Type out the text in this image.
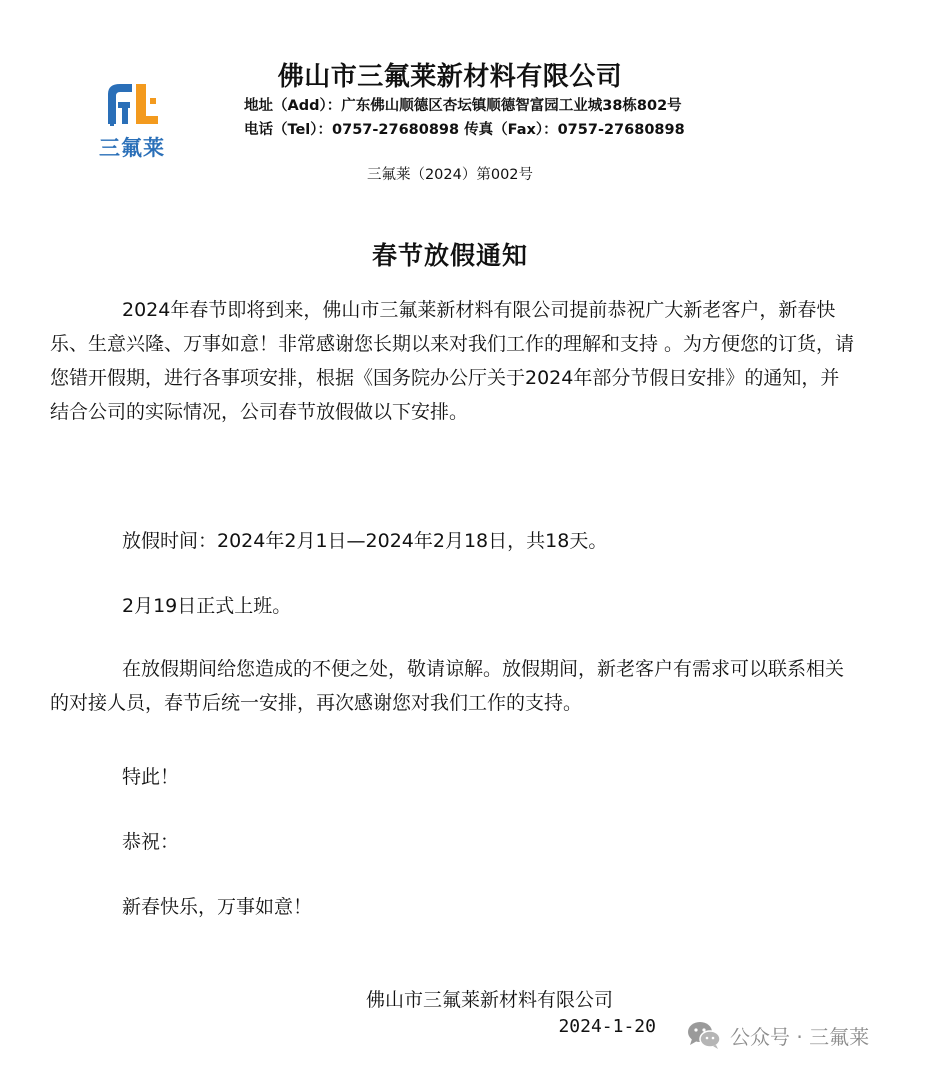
三氟莱
佛山市三氟莱新材料有限公司
地址（Add）：广东佛山顺德区杏坛镇顺德智富园工业城38栋802号
电话（Tel）：0757-27680898 传真（Fax）：0757-27680898
三氟莱（2024）第002号
春节放假通知

2024年春节即将到来，佛山市三氟莱新材料有限公司提前恭祝广大新老客户，新春快乐、生意兴隆、万事如意！非常感谢您长期以来对我们工作的理解和支持 。为方便您的订货，请您错开假期，进行各事项安排，根据《国务院办公厅关于2024年部分节假日安排》的通知，并结合公司的实际情况，公司春节放假做以下安排。

放假时间：2024年2月1日—2024年2月18日，共18天。

2月19日正式上班。

在放假期间给您造成的不便之处，敬请谅解。放假期间，新老客户有需求可以联系相关的对接人员，春节后统一安排，再次感谢您对我们工作的支持。

特此！

恭祝：

新春快乐，万事如意！

佛山市三氟莱新材料有限公司
2024-1-20	公众号 · 三氟莱
